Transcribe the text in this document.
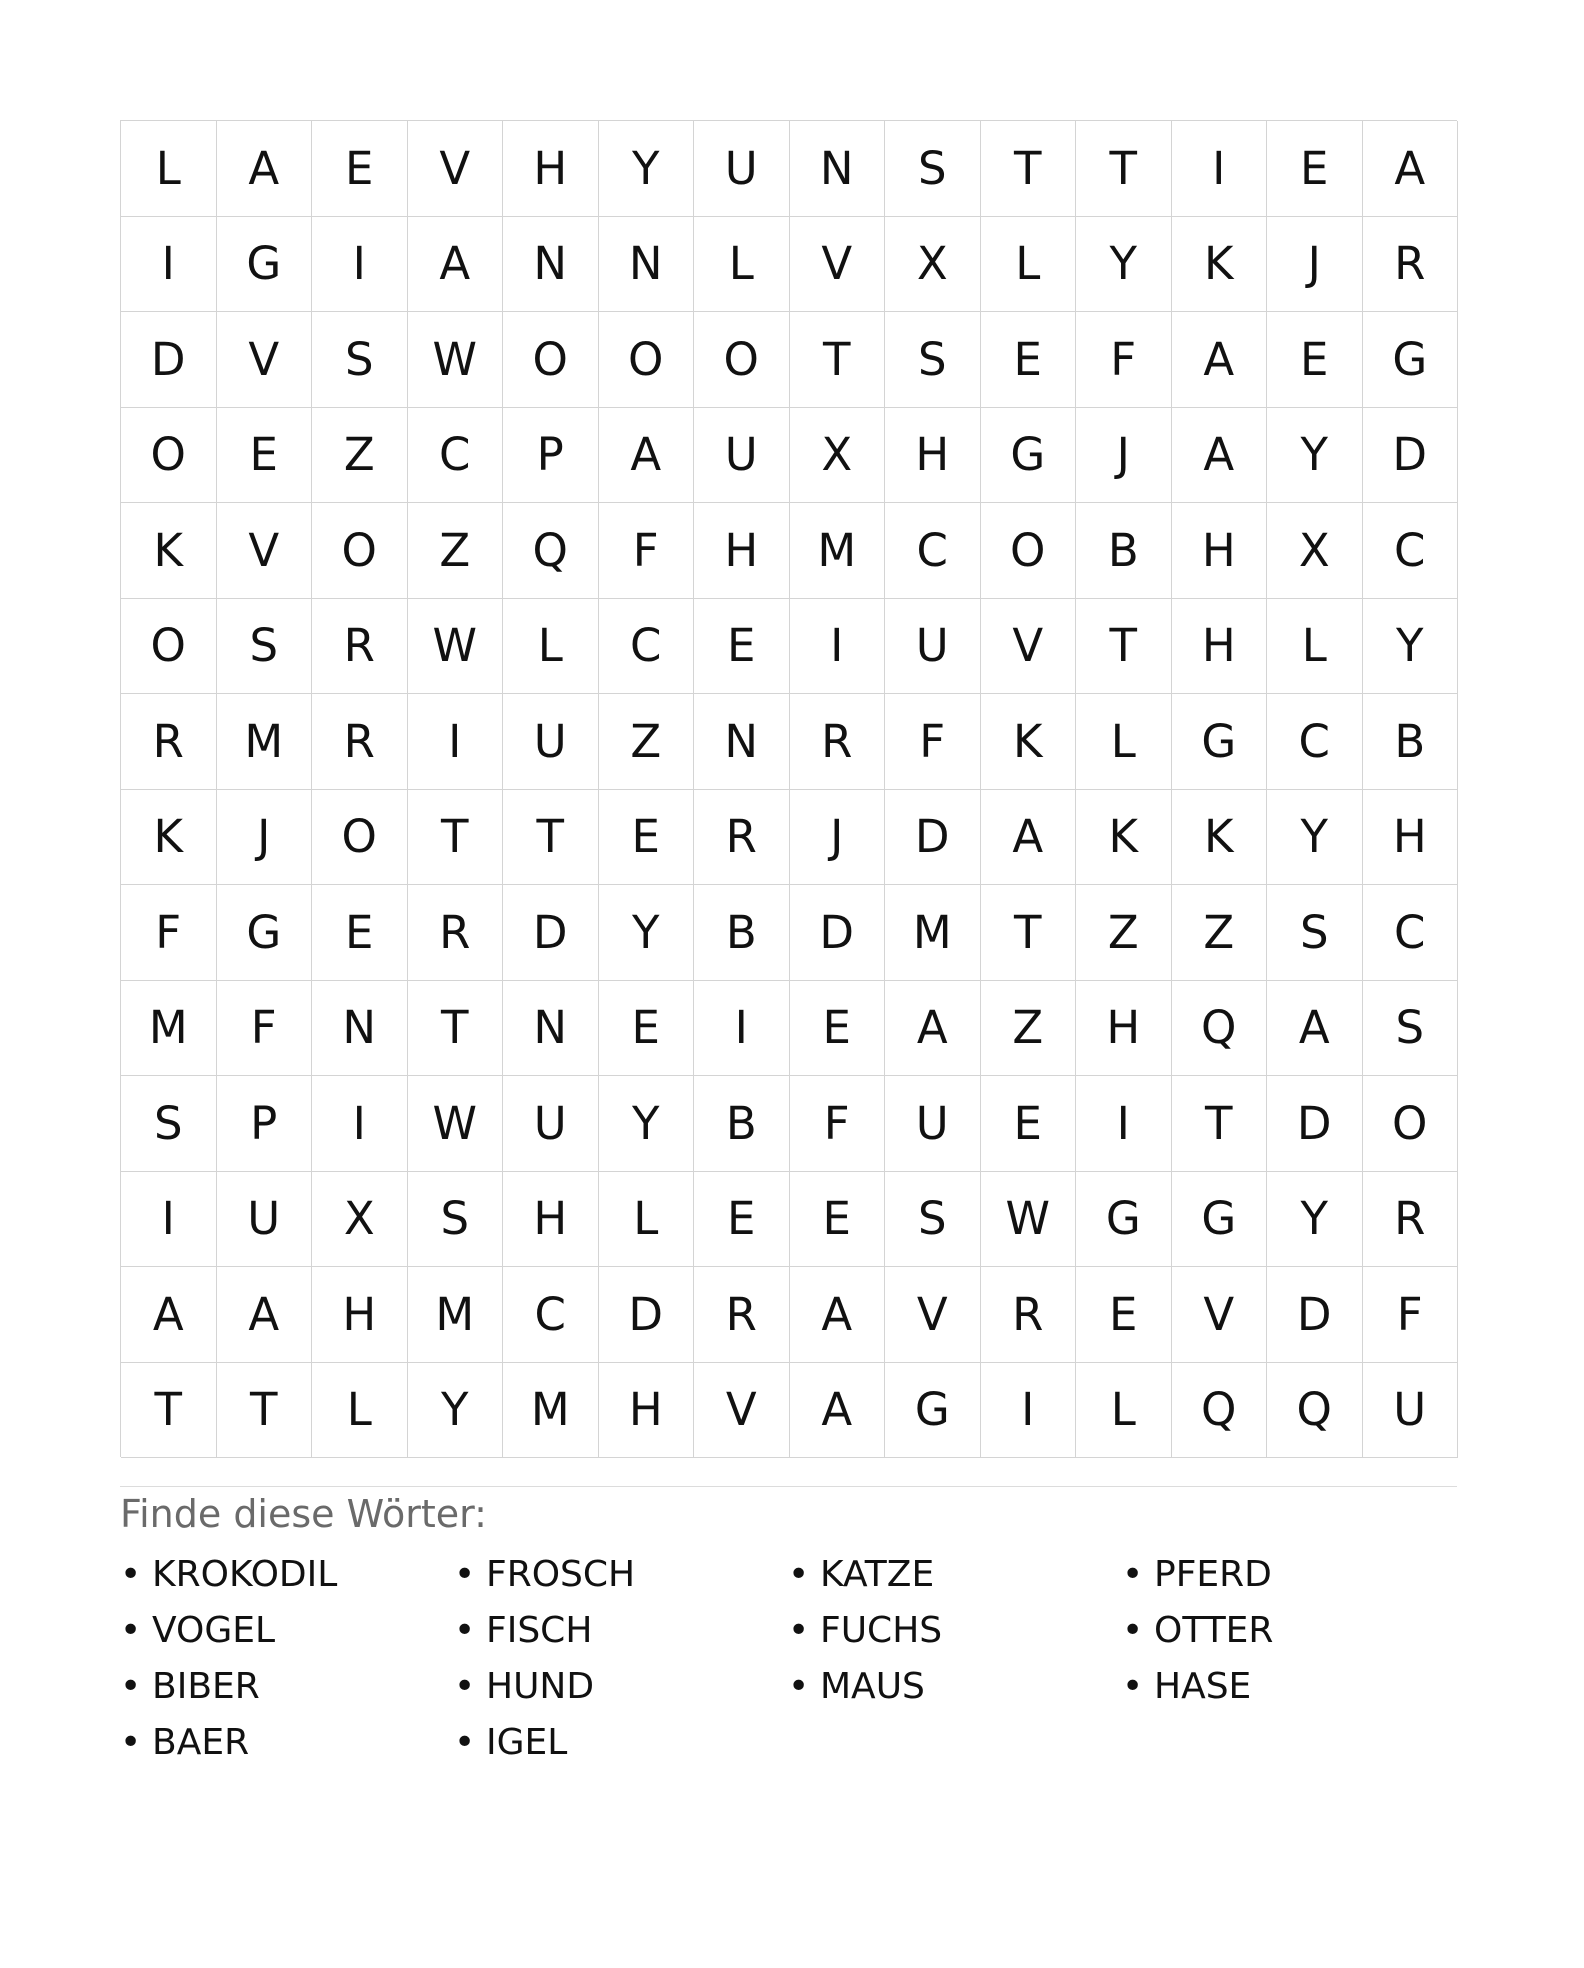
L	A	E	V	H	Y	U	N	S	T	T	I	E	A
I	G	I	A	N	N	L	V	X	L	Y	K	J	R
D	V	S	W	O	O	O	T	S	E	F	A	E	G
O	E	Z	C	P	A	U	X	H	G	J	A	Y	D
K	V	O	Z	Q	F	H	M	C	O	B	H	X	C
O	S	R	W	L	C	E	I	U	V	T	H	L	Y
R	M	R	I	U	Z	N	R	F	K	L	G	C	B
K	J	O	T	T	E	R	J	D	A	K	K	Y	H
F	G	E	R	D	Y	B	D	M	T	Z	Z	S	C
M	F	N	T	N	E	I	E	A	Z	H	Q	A	S
S	P	I	W	U	Y	B	F	U	E	I	T	D	O
I	U	X	S	H	L	E	E	S	W	G	G	Y	R
A	A	H	M	C	D	R	A	V	R	E	V	D	F
T	T	L	Y	M	H	V	A	G	I	L	Q	Q	U
Finde diese Wörter:
• KROKODIL	• FROSCH	• KATZE	• PFERD
• VOGEL	• FISCH	• FUCHS	• OTTER
• BIBER	• HUND	• MAUS	• HASE
• BAER	• IGEL
